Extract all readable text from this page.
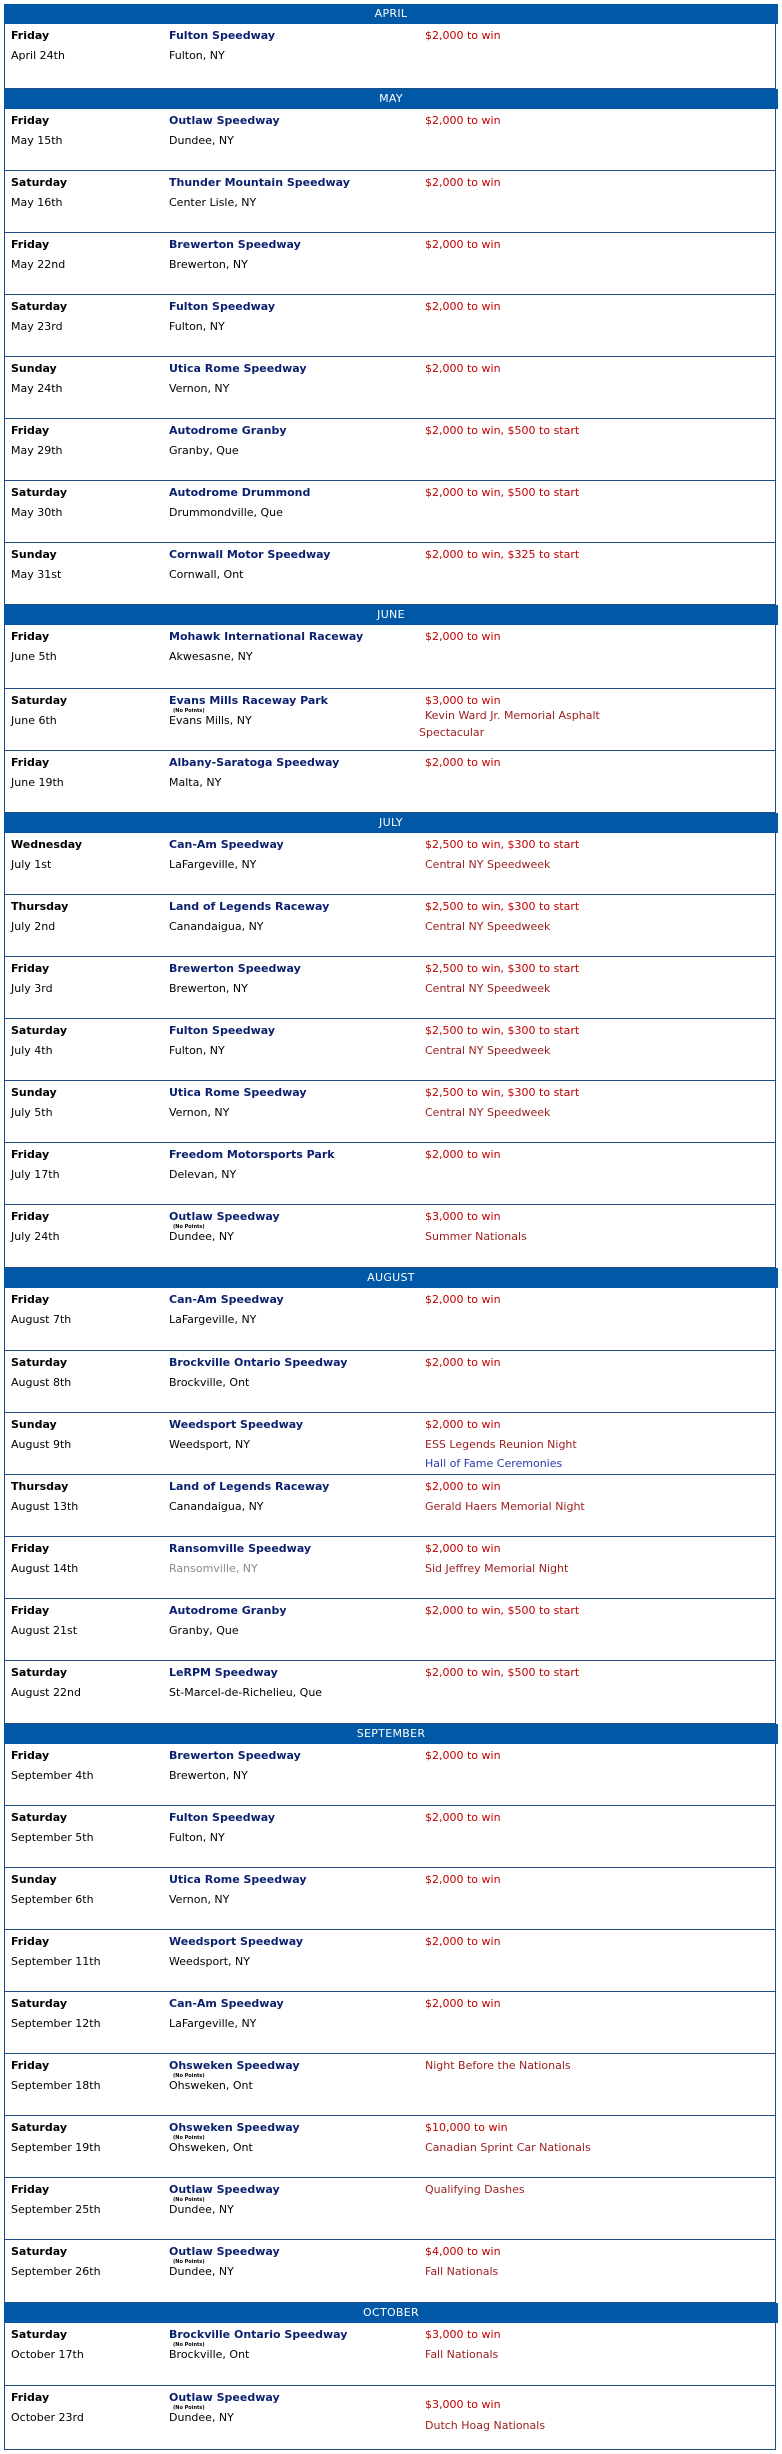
APRIL
Friday
April 24th
Fulton Speedway
Fulton, NY
$2,000 to win
MAY
Friday
May 15th
Outlaw Speedway
Dundee, NY
$2,000 to win
Saturday
May 16th
Thunder Mountain Speedway
Center Lisle, NY
$2,000 to win
Friday
May 22nd
Brewerton Speedway
Brewerton, NY
$2,000 to win
Saturday
May 23rd
Fulton Speedway
Fulton, NY
$2,000 to win
Sunday
May 24th
Utica Rome Speedway
Vernon, NY
$2,000 to win
Friday
May 29th
Autodrome Granby
Granby, Que
$2,000 to win, $500 to start
Saturday
May 30th
Autodrome Drummond
Drummondville, Que
$2,000 to win, $500 to start
Sunday
May 31st
Cornwall Motor Speedway
Cornwall, Ont
$2,000 to win, $325 to start
JUNE
Friday
June 5th
Mohawk International Raceway
Akwesasne, NY
$2,000 to win
Saturday
June 6th
Evans Mills Raceway Park
(No Points)
Evans Mills, NY
$3,000 to win
Kevin Ward Jr. Memorial Asphalt
Spectacular
Friday
June 19th
Albany-Saratoga Speedway
Malta, NY
$2,000 to win
JULY
Wednesday
July 1st
Can-Am Speedway
LaFargeville, NY
$2,500 to win, $300 to start
Central NY Speedweek
Thursday
July 2nd
Land of Legends Raceway
Canandaigua, NY
$2,500 to win, $300 to start
Central NY Speedweek
Friday
July 3rd
Brewerton Speedway
Brewerton, NY
$2,500 to win, $300 to start
Central NY Speedweek
Saturday
July 4th
Fulton Speedway
Fulton, NY
$2,500 to win, $300 to start
Central NY Speedweek
Sunday
July 5th
Utica Rome Speedway
Vernon, NY
$2,500 to win, $300 to start
Central NY Speedweek
Friday
July 17th
Freedom Motorsports Park
Delevan, NY
$2,000 to win
Friday
July 24th
Outlaw Speedway
(No Points)
Dundee, NY
$3,000 to win
Summer Nationals
AUGUST
Friday
August 7th
Can-Am Speedway
LaFargeville, NY
$2,000 to win
Saturday
August 8th
Brockville Ontario Speedway
Brockville, Ont
$2,000 to win
Sunday
August 9th
Weedsport Speedway
Weedsport, NY
$2,000 to win
ESS Legends Reunion Night
Hall of Fame Ceremonies
Thursday
August 13th
Land of Legends Raceway
Canandaigua, NY
$2,000 to win
Gerald Haers Memorial Night
Friday
August 14th
Ransomville Speedway
Ransomville, NY
$2,000 to win
Sid Jeffrey Memorial Night
Friday
August 21st
Autodrome Granby
Granby, Que
$2,000 to win, $500 to start
Saturday
August 22nd
LeRPM Speedway
St-Marcel-de-Richelieu, Que
$2,000 to win, $500 to start
SEPTEMBER
Friday
September 4th
Brewerton Speedway
Brewerton, NY
$2,000 to win
Saturday
September 5th
Fulton Speedway
Fulton, NY
$2,000 to win
Sunday
September 6th
Utica Rome Speedway
Vernon, NY
$2,000 to win
Friday
September 11th
Weedsport Speedway
Weedsport, NY
$2,000 to win
Saturday
September 12th
Can-Am Speedway
LaFargeville, NY
$2,000 to win
Friday
September 18th
Ohsweken Speedway
(No Points)
Ohsweken, Ont
Night Before the Nationals
Saturday
September 19th
Ohsweken Speedway
(No Points)
Ohsweken, Ont
$10,000 to win
Canadian Sprint Car Nationals
Friday
September 25th
Outlaw Speedway
(No Points)
Dundee, NY
Qualifying Dashes
Saturday
September 26th
Outlaw Speedway
(No Points)
Dundee, NY
$4,000 to win
Fall Nationals
OCTOBER
Saturday
October 17th
Brockville Ontario Speedway
(No Points)
Brockville, Ont
$3,000 to win
Fall Nationals
Friday
October 23rd
Outlaw Speedway
(No Points)
Dundee, NY
$3,000 to win
Dutch Hoag Nationals
